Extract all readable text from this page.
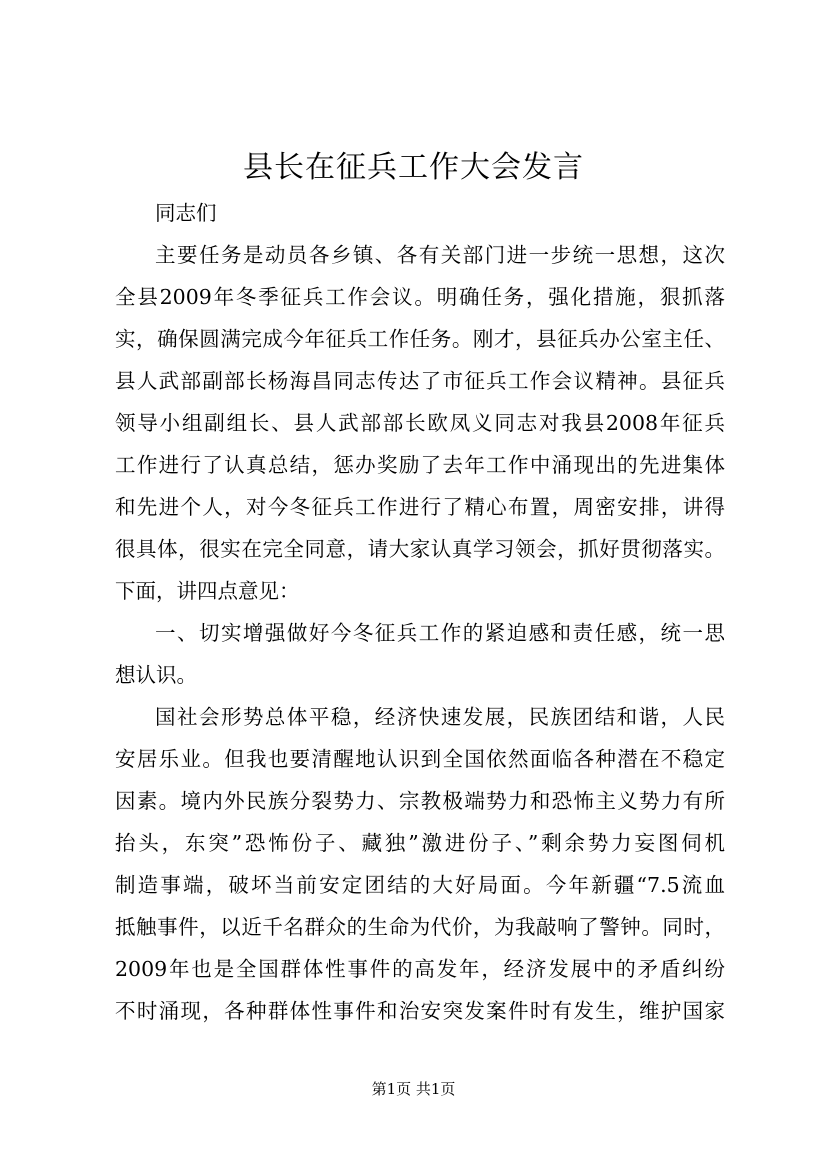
县长在征兵工作大会发言
同志们
主要任务是动员各乡镇、各有关部门进一步统一思想，这次
全县2009年冬季征兵工作会议。明确任务，强化措施，狠抓落
实，确保圆满完成今年征兵工作任务。刚才，县征兵办公室主任、
县人武部副部长杨海昌同志传达了市征兵工作会议精神。县征兵
领导小组副组长、县人武部部长欧凤义同志对我县2008年征兵
工作进行了认真总结，惩办奖励了去年工作中涌现出的先进集体
和先进个人，对今冬征兵工作进行了精心布置，周密安排，讲得
很具体，很实在完全同意，请大家认真学习领会，抓好贯彻落实。
下面，讲四点意见：
一、切实增强做好今冬征兵工作的紧迫感和责任感，统一思
想认识。
国社会形势总体平稳，经济快速发展，民族团结和谐，人民
安居乐业。但我也要清醒地认识到全国依然面临各种潜在不稳定
因素。境内外民族分裂势力、宗教极端势力和恐怖主义势力有所
抬头，东突”恐怖份子、藏独”激进份子、”剩余势力妄图伺机
制造事端，破坏当前安定团结的大好局面。今年新疆“7.5流血
抵触事件，以近千名群众的生命为代价，为我敲响了警钟。同时，
2009年也是全国群体性事件的高发年，经济发展中的矛盾纠纷
不时涌现，各种群体性事件和治安突发案件时有发生，维护国家
第1页 共1页
